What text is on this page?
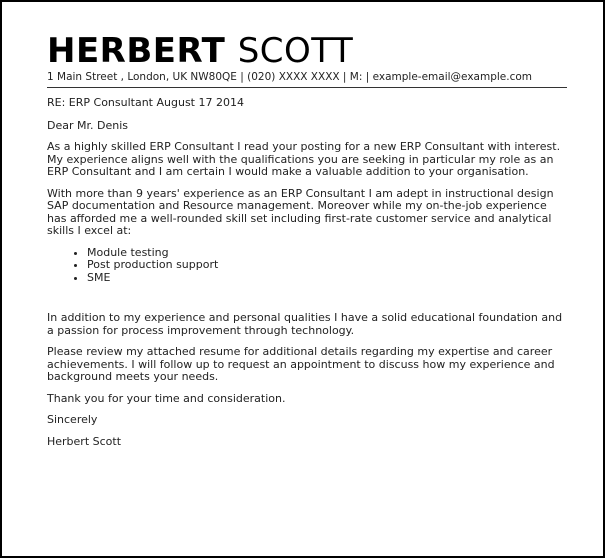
HERBERT SCOTT
1 Main Street , London, UK NW80QE | (020) XXXX XXXX | M: | example-email@example.com

RE: ERP Consultant August 17 2014

Dear Mr. Denis

As a highly skilled ERP Consultant I read your posting for a new ERP Consultant with interest. My experience aligns well with the qualifications you are seeking in particular my role as an ERP Consultant and I am certain I would make a valuable addition to your organisation.

With more than 9 years' experience as an ERP Consultant I am adept in instructional design SAP documentation and Resource management. Moreover while my on-the-job experience has afforded me a well-rounded skill set including first-rate customer service and analytical skills I excel at:

• Module testing
• Post production support
• SME

In addition to my experience and personal qualities I have a solid educational foundation and a passion for process improvement through technology.

Please review my attached resume for additional details regarding my expertise and career achievements. I will follow up to request an appointment to discuss how my experience and background meets your needs.

Thank you for your time and consideration.

Sincerely

Herbert Scott
